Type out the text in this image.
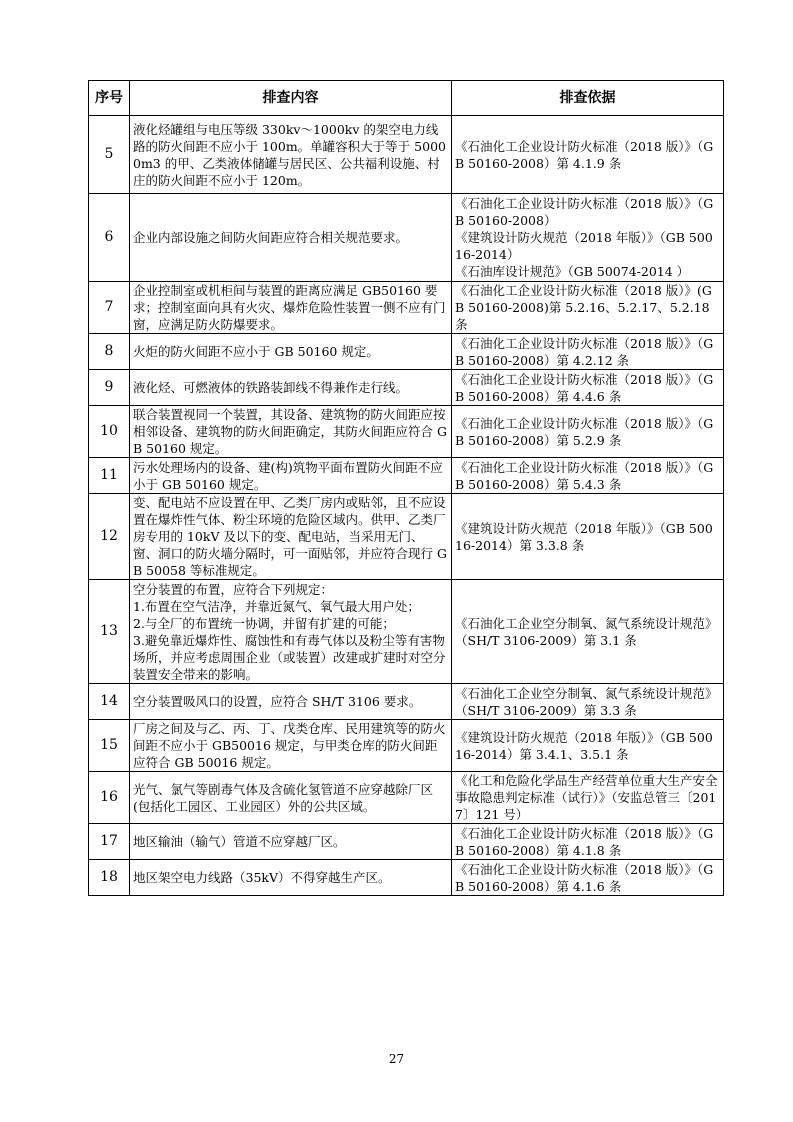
序号	排查内容	排查依据
5	液化烃罐组与电压等级 330kv～1000kv 的架空电力线路的防火间距不应小于 100m。单罐容积大于等于 50000m3 的甲、乙类液体储罐与居民区、公共福利设施、村庄的防火间距不应小于 120m。	《石油化工企业设计防火标准（2018 版）》（GB 50160-2008）第 4.1.9 条

6	企业内部设施之间防火间距应符合相关规范要求。	《石油化工企业设计防火标准（2018 版）》（GB 50160-2008）
《建筑设计防火规范（2018 年版）》（GB 50016-2014）
《石油库设计规范》（GB 50074-2014 ）

7	企业控制室或机柜间与装置的距离应满足 GB50160 要求；控制室面向具有火灾、爆炸危险性装置一侧不应有门窗，应满足防火防爆要求。	《石油化工企业设计防火标准（2018 版）》(GB 50160-2008)第 5.2.16、5.2.17、5.2.18 条

8	火炬的防火间距不应小于 GB 50160 规定。	《石油化工企业设计防火标准（2018 版）》（GB 50160-2008）第 4.2.12 条

9	液化烃、可燃液体的铁路装卸线不得兼作走行线。	《石油化工企业设计防火标准（2018 版）》（GB 50160-2008）第 4.4.6 条

10	联合装置视同一个装置，其设备、建筑物的防火间距应按相邻设备、建筑物的防火间距确定，其防火间距应符合 GB 50160 规定。	《石油化工企业设计防火标准（2018 版）》（GB 50160-2008）第 5.2.9 条

11	污水处理场内的设备、建(构)筑物平面布置防火间距不应小于 GB 50160 规定。	《石油化工企业设计防火标准（2018 版）》（GB 50160-2008）第 5.4.3 条

12	变、配电站不应设置在甲、乙类厂房内或贴邻，且不应设置在爆炸性气体、粉尘环境的危险区域内。供甲、乙类厂房专用的 10kV 及以下的变、配电站，当采用无门、窗、洞口的防火墙分隔时，可一面贴邻，并应符合现行 GB 50058 等标准规定。	《建筑设计防火规范（2018 年版）》（GB 50016-2014）第 3.3.8 条

13	空分装置的布置，应符合下列规定：
1.布置在空气洁净，并靠近氮气、氧气最大用户处；
2.与全厂的布置统一协调，并留有扩建的可能；
3.避免靠近爆炸性、腐蚀性和有毒气体以及粉尘等有害物场所，并应考虑周围企业（或装置）改建或扩建时对空分装置安全带来的影响。	《石油化工企业空分制氧、氮气系统设计规范》（SH/T 3106-2009）第 3.1 条

14	空分装置吸风口的设置，应符合 SH/T 3106 要求。	《石油化工企业空分制氧、氮气系统设计规范》（SH/T 3106-2009）第 3.3 条

15	厂房之间及与乙、丙、丁、戊类仓库、民用建筑等的防火间距不应小于 GB50016 规定，与甲类仓库的防火间距应符合 GB 50016 规定。	《建筑设计防火规范（2018 年版）》（GB 50016-2014）第 3.4.1、3.5.1 条

16	光气、氯气等剧毒气体及含硫化氢管道不应穿越除厂区(包括化工园区、工业园区）外的公共区域。	《化工和危险化学品生产经营单位重大生产安全事故隐患判定标准（试行）》（安监总管三〔2017〕121 号）

17	地区输油（输气）管道不应穿越厂区。	《石油化工企业设计防火标准（2018 版）》（GB 50160-2008）第 4.1.8 条

18	地区架空电力线路（35kV）不得穿越生产区。	《石油化工企业设计防火标准（2018 版）》（GB 50160-2008）第 4.1.6 条
27
